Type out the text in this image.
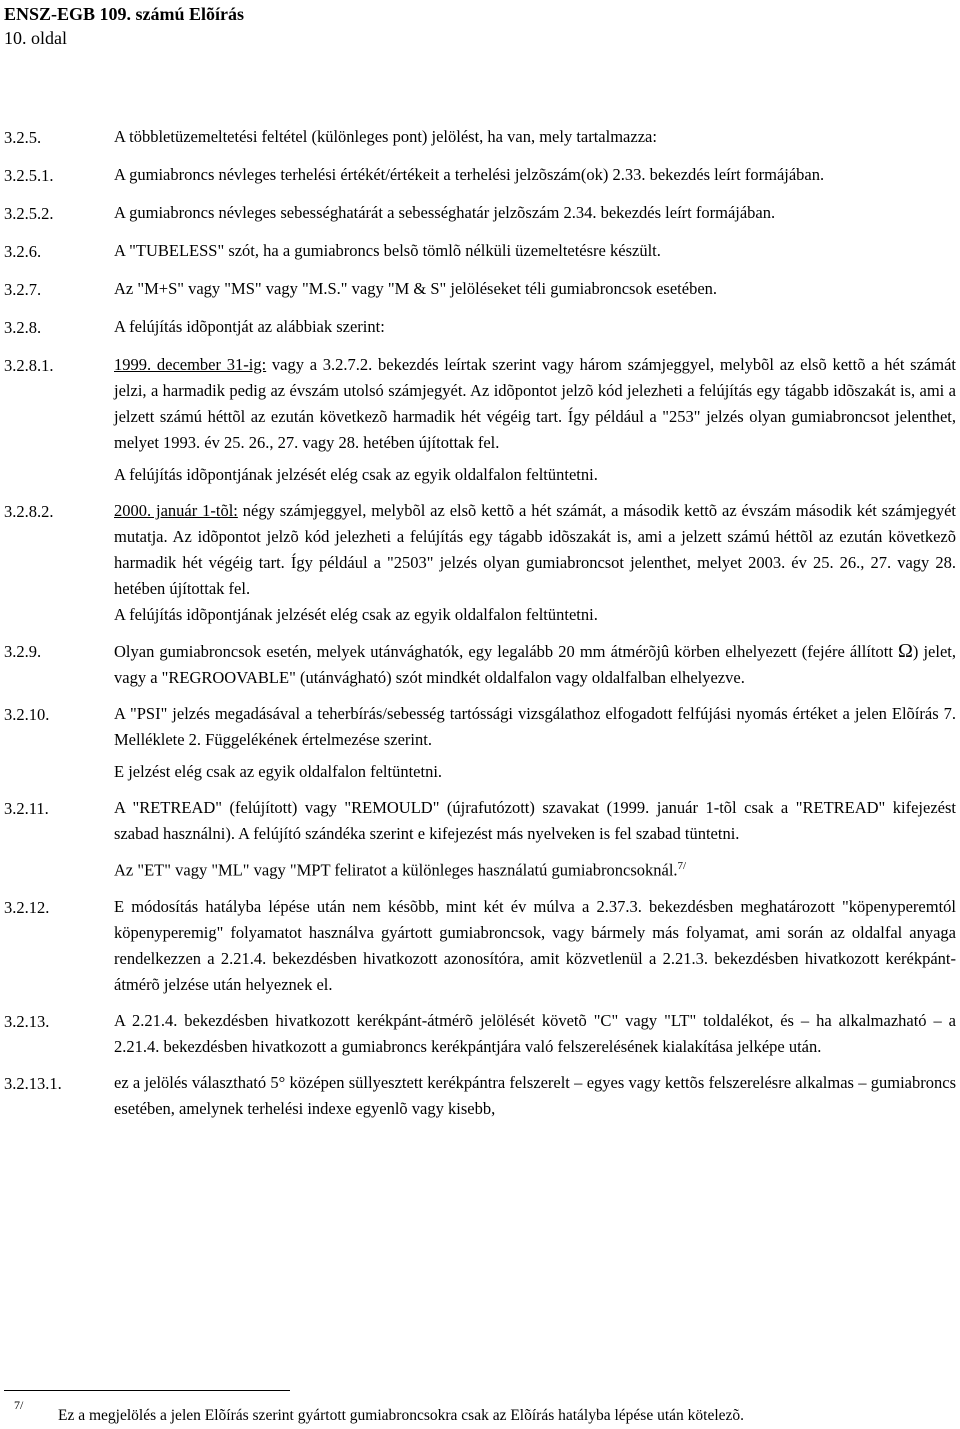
ENSZ-EGB 109. számú Elõírás
10. oldal
3.2.5.	A többletüzemeltetési feltétel (különleges pont) jelölést, ha van, mely tartalmazza:

3.2.5.1.	A gumiabroncs névleges terhelési értékét/értékeit a terhelési jelzõszám(ok) 2.33. bekezdés leírt formájában.

3.2.5.2.	A gumiabroncs névleges sebességhatárát a sebességhatár jelzõszám 2.34. bekezdés leírt formájában.

3.2.6.	A "TUBELESS" szót, ha a gumiabroncs belsõ tömlõ nélküli üzemeltetésre készült.

3.2.7.	Az "M+S" vagy "MS" vagy "M.S." vagy "M & S" jelöléseket téli gumiabroncsok esetében.

3.2.8.	A felújítás idõpontját az alábbiak szerint:

3.2.8.1.	1999. december 31-ig: vagy a 3.2.7.2. bekezdés leírtak szerint vagy három számjeggyel, melybõl az elsõ kettõ a hét számát jelzi, a harmadik pedig az évszám utolsó számjegyét. Az idõpontot jelzõ kód jelezheti a felújítás egy tágabb idõszakát is, ami a jelzett számú héttõl az ezután következõ harmadik hét végéig tart. Így például a "253" jelzés olyan gumiabroncsot jelenthet, melyet 1993. év 25. 26., 27. vagy 28. hetében újítottak fel.

A felújítás idõpontjának jelzését elég csak az egyik oldalfalon feltüntetni.

3.2.8.2.	2000. január 1-tõl: négy számjeggyel, melybõl az elsõ kettõ a hét számát, a második kettõ az évszám második két számjegyét mutatja. Az idõpontot jelzõ kód jelezheti a felújítás egy tágabb idõszakát is, ami a jelzett számú héttõl az ezután következõ harmadik hét végéig tart. Így például a "2503" jelzés olyan gumiabroncsot jelenthet, melyet 2003. év 25. 26., 27. vagy 28. hetében újítottak fel.

A felújítás idõpontjának jelzését elég csak az egyik oldalfalon feltüntetni.

3.2.9.	Olyan gumiabroncsok esetén, melyek utánvághatók, egy legalább 20 mm átmérõjû körben elhelyezett (fejére állított Ω) jelet, vagy a "REGROOVABLE" (utánvágható) szót mindkét oldalfalon vagy oldalfalban elhelyezve.

3.2.10.	A "PSI" jelzés megadásával a teherbírás/sebesség tartóssági vizsgálathoz elfogadott felfújási nyomás értéket a jelen Elõírás 7. Melléklete 2. Függelékének értelmezése szerint.

E jelzést elég csak az egyik oldalfalon feltüntetni.

3.2.11.	A "RETREAD" (felújított) vagy "REMOULD" (újrafutózott) szavakat (1999. január 1-tõl csak a "RETREAD" kifejezést szabad használni). A felújító szándéka szerint e kifejezést más nyelveken is fel szabad tüntetni.

Az "ET" vagy "ML" vagy "MPT feliratot a különleges használatú gumiabroncsoknál.$^{7/}$

3.2.12.	E módosítás hatályba lépése után nem késõbb, mint két év múlva a 2.37.3. bekezdésben meghatározott "köpenyperemtól köpenyperemig" folyamatot használva gyártott gumiabroncsok, vagy bármely más folyamat, ami során az oldalfal anyaga rendelkezzen a 2.21.4. bekezdésben hivatkozott azonosítóra, amit közvetlenül a 2.21.3. bekezdésben hivatkozott kerékpánt-átmérõ jelzése után helyeznek el.

3.2.13.	A 2.21.4. bekezdésben hivatkozott kerékpánt-átmérõ jelölését követõ "C" vagy "LT" toldalékot, és – ha alkalmazható – a 2.21.4. bekezdésben hivatkozott a gumiabroncs kerékpántjára való felszerelésének kialakítása jelképe után.

3.2.13.1.	ez a jelölés választható 5° középen süllyesztett kerékpántra felszerelt – egyes vagy kettõs felszerelésre alkalmas – gumiabroncs esetében, amelynek terhelési indexe egyenlõ vagy kisebb,

7/
Ez a megjelölés a jelen Elõírás szerint gyártott gumiabroncsokra csak az Elõírás hatályba lépése után kötelezõ.
